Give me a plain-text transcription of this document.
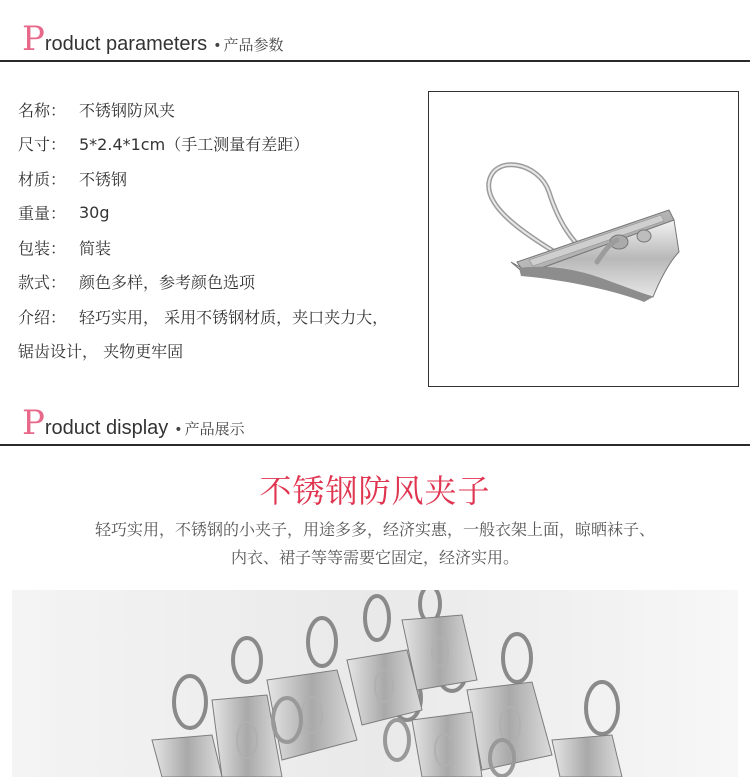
Product parameters • 产品参数
名称： 不锈钢防风夹
尺寸： 5*2.4*1cm（手工测量有差距）
材质： 不锈钢
重量： 30g
包装： 简装
款式： 颜色多样，参考颜色选项
介绍： 轻巧实用， 采用不锈钢材质，夹口夹力大，
锯齿设计， 夹物更牢固
Product display • 产品展示
不锈钢防风夹子
轻巧实用，不锈钢的小夹子，用途多多，经济实惠，一般衣架上面，晾晒袜子、
内衣、裙子等等需要它固定，经济实用。
